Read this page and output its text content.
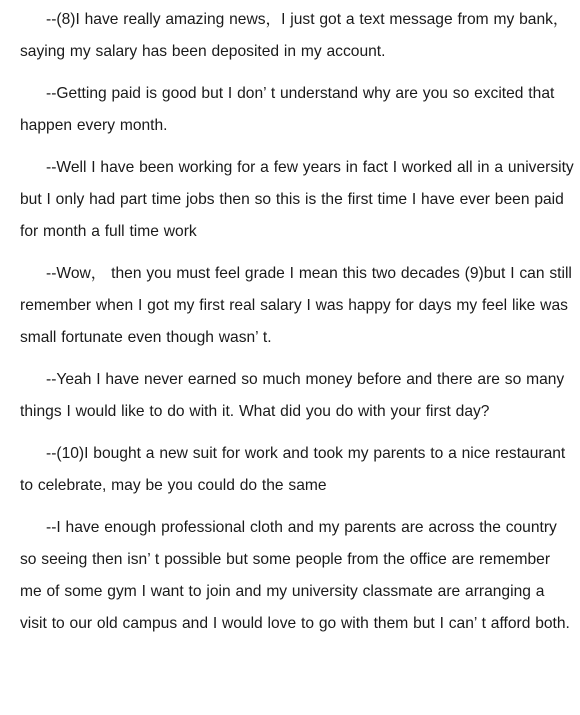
--(8)I have really amazing news，I just got a text message from my bank， saying my salary has been deposited in my account.

--Getting paid is good but I don’ t understand why are you so excited that happen every month.

--Well I have been working for a few years in fact I worked all in a university but I only had part time jobs then so this is the first time I have ever been paid for month a full time work

--Wow， then you must feel grade I mean this two decades (9)but I can still remember when I got my first real salary I was happy for days my feel like was small fortunate even though wasn’ t.

--Yeah I have never earned so much money before and there are so many things I would like to do with it. What did you do with your first day?

--(10)I bought a new suit for work and took my parents to a nice restaurant to celebrate, may be you could do the same

--I have enough professional cloth and my parents are across the country so seeing then isn’ t possible but some people from the office are remember me of some gym I want to join and my university classmate are arranging a visit to our old campus and I would love to go with them but I can’ t afford both.
